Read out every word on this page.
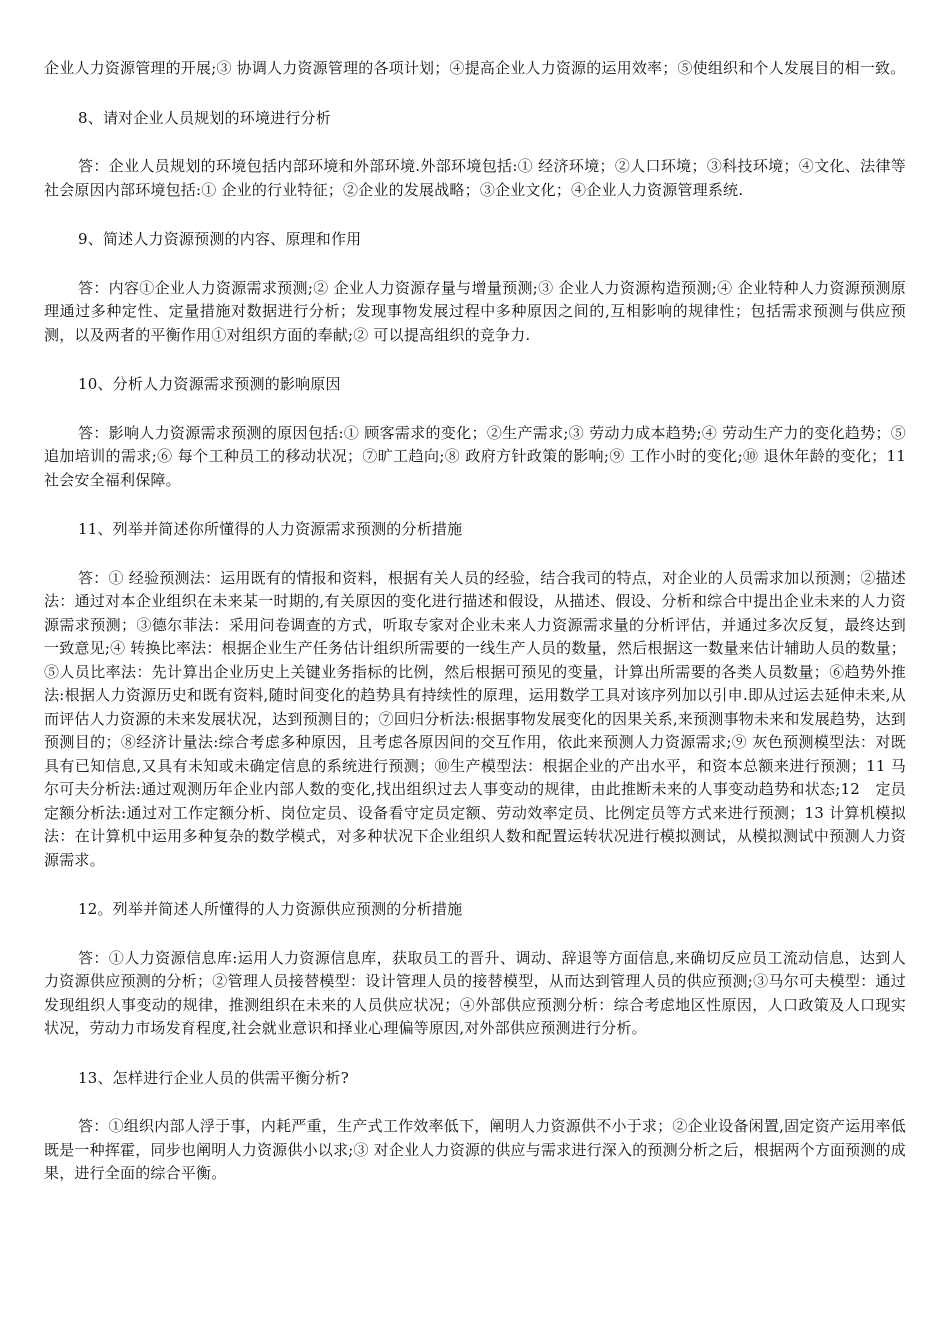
企业人力资源管理的开展;③ 协调人力资源管理的各项计划；④提高企业人力资源的运用效率；⑤使组织和个人发展目的相一致。

8、请对企业人员规划的环境进行分析

答：企业人员规划的环境包括内部环境和外部环境.外部环境包括:① 经济环境；②人口环境；③科技环境；④文化、法律等社会原因内部环境包括:① 企业的行业特征；②企业的发展战略；③企业文化；④企业人力资源管理系统.

9、简述人力资源预测的内容、原理和作用

答：内容①企业人力资源需求预测;② 企业人力资源存量与增量预测;③ 企业人力资源构造预测;④ 企业特种人力资源预测原理通过多种定性、定量措施对数据进行分析；发现事物发展过程中多种原因之间的,互相影响的规律性；包括需求预测与供应预测，以及两者的平衡作用①对组织方面的奉献;② 可以提高组织的竞争力.

10、分析人力资源需求预测的影响原因

答：影响人力资源需求预测的原因包括:① 顾客需求的变化；②生产需求;③ 劳动力成本趋势;④ 劳动生产力的变化趋势；⑤追加培训的需求;⑥ 每个工种员工的移动状况；⑦旷工趋向;⑧ 政府方针政策的影响;⑨ 工作小时的变化;⑩ 退休年龄的变化；11 社会安全福利保障。

11、列举并简述你所懂得的人力资源需求预测的分析措施

答：① 经验预测法：运用既有的情报和资料，根据有关人员的经验，结合我司的特点，对企业的人员需求加以预测；②描述法：通过对本企业组织在未来某一时期的,有关原因的变化进行描述和假设，从描述、假设、分析和综合中提出企业未来的人力资源需求预测；③德尔菲法：采用问卷调查的方式，听取专家对企业未来人力资源需求量的分析评估，并通过多次反复，最终达到一致意见;④ 转换比率法：根据企业生产任务估计组织所需要的一线生产人员的数量，然后根据这一数量来估计辅助人员的数量；⑤人员比率法：先计算出企业历史上关键业务指标的比例，然后根据可预见的变量，计算出所需要的各类人员数量；⑥趋势外推法:根据人力资源历史和既有资料,随时间变化的趋势具有持续性的原理，运用数学工具对该序列加以引申.即从过运去延伸未来,从而评估人力资源的未来发展状况，达到预测目的；⑦回归分析法:根据事物发展变化的因果关系,来预测事物未来和发展趋势，达到预测目的；⑧经济计量法:综合考虑多种原因，且考虑各原因间的交互作用，依此来预测人力资源需求;⑨ 灰色预测模型法：对既具有已知信息,又具有未知或未确定信息的系统进行预测；⑩生产模型法：根据企业的产出水平，和资本总额来进行预测；11 马尔可夫分析法:通过观测历年企业内部人数的变化,找出组织过去人事变动的规律，由此推断未来的人事变动趋势和状态;12　定员定额分析法:通过对工作定额分析、岗位定员、设备看守定员定额、劳动效率定员、比例定员等方式来进行预测；13 计算机模拟法：在计算机中运用多种复杂的数学模式，对多种状况下企业组织人数和配置运转状况进行模拟测试，从模拟测试中预测人力资源需求。

12。列举并简述人所懂得的人力资源供应预测的分析措施

答：①人力资源信息库:运用人力资源信息库，获取员工的晋升、调动、辞退等方面信息,来确切反应员工流动信息，达到人力资源供应预测的分析；②管理人员接替模型：设计管理人员的接替模型，从而达到管理人员的供应预测;③马尔可夫模型：通过发现组织人事变动的规律，推测组织在未来的人员供应状况；④外部供应预测分析：综合考虑地区性原因，人口政策及人口现实状况，劳动力市场发育程度,社会就业意识和择业心理偏等原因,对外部供应预测进行分析。

13、怎样进行企业人员的供需平衡分析?

答：①组织内部人浮于事，内耗严重，生产式工作效率低下，阐明人力资源供不小于求；②企业设备闲置,固定资产运用率低既是一种挥霍，同步也阐明人力资源供小以求;③ 对企业人力资源的供应与需求进行深入的预测分析之后，根据两个方面预测的成果，进行全面的综合平衡。
